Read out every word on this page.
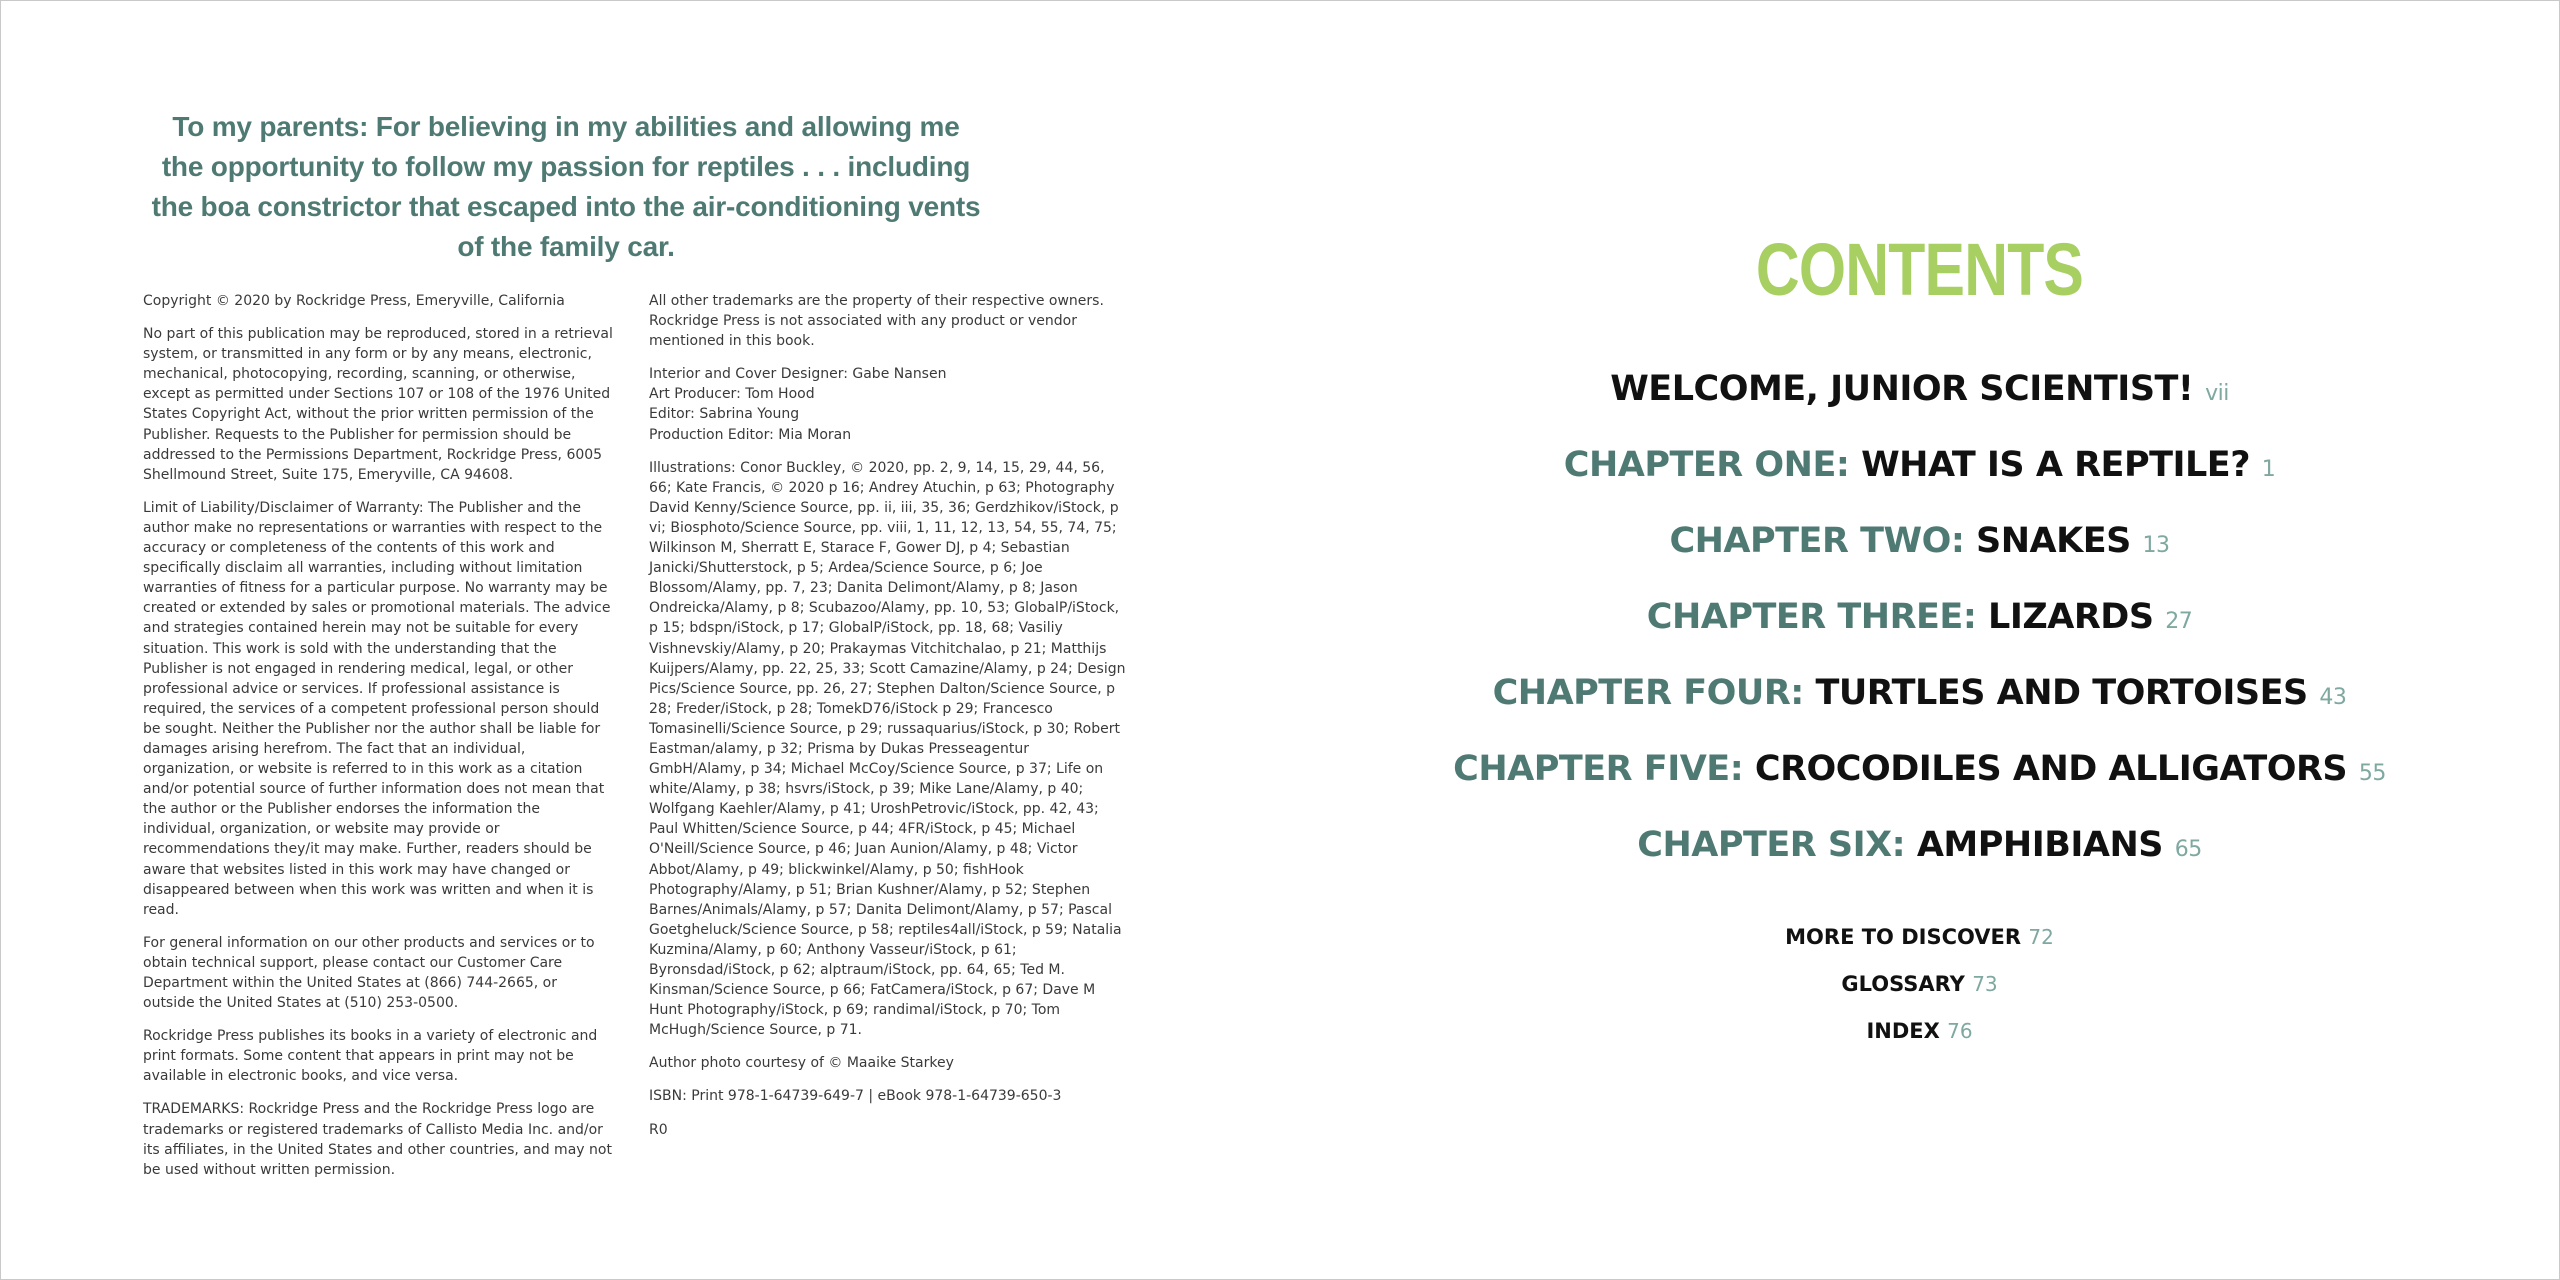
To my parents: For believing in my abilities and allowing me the opportunity to follow my passion for reptiles . . . including the boa constrictor that escaped into the air-conditioning vents of the family car.

Copyright © 2020 by Rockridge Press, Emeryville, California

No part of this publication may be reproduced, stored in a retrieval system, or transmitted in any form or by any means, electronic, mechanical, photocopying, recording, scanning, or otherwise, except as permitted under Sections 107 or 108 of the 1976 United States Copyright Act, without the prior written permission of the Publisher. Requests to the Publisher for permission should be addressed to the Permissions Department, Rockridge Press, 6005 Shellmound Street, Suite 175, Emeryville, CA 94608.

Limit of Liability/Disclaimer of Warranty: The Publisher and the author make no representations or warranties with respect to the accuracy or completeness of the contents of this work and specifically disclaim all warranties, including without limitation warranties of fitness for a particular purpose. No warranty may be created or extended by sales or promotional materials. The advice and strategies contained herein may not be suitable for every situation. This work is sold with the understanding that the Publisher is not engaged in rendering medical, legal, or other professional advice or services. If professional assistance is required, the services of a competent professional person should be sought. Neither the Publisher nor the author shall be liable for damages arising herefrom. The fact that an individual, organization, or website is referred to in this work as a citation and/or potential source of further information does not mean that the author or the Publisher endorses the information the individual, organization, or website may provide or recommendations they/it may make. Further, readers should be aware that websites listed in this work may have changed or disappeared between when this work was written and when it is read.

For general information on our other products and services or to obtain technical support, please contact our Customer Care Department within the United States at (866) 744-2665, or outside the United States at (510) 253-0500.

Rockridge Press publishes its books in a variety of electronic and print formats. Some content that appears in print may not be available in electronic books, and vice versa.

TRADEMARKS: Rockridge Press and the Rockridge Press logo are trademarks or registered trademarks of Callisto Media Inc. and/or its affiliates, in the United States and other countries, and may not be used without written permission.

All other trademarks are the property of their respective owners. Rockridge Press is not associated with any product or vendor mentioned in this book.

Interior and Cover Designer: Gabe Nansen
Art Producer: Tom Hood
Editor: Sabrina Young
Production Editor: Mia Moran

Illustrations: Conor Buckley, © 2020, pp. 2, 9, 14, 15, 29, 44, 56, 66; Kate Francis, © 2020 p 16; Andrey Atuchin, p 63; Photography David Kenny/Science Source, pp. ii, iii, 35, 36; Gerdzhikov/iStock, p vi; Biosphoto/Science Source, pp. viii, 1, 11, 12, 13, 54, 55, 74, 75; Wilkinson M, Sherratt E, Starace F, Gower DJ, p 4; Sebastian Janicki/Shutterstock, p 5; Ardea/Science Source, p 6; Joe Blossom/Alamy, pp. 7, 23; Danita Delimont/Alamy, p 8; Jason Ondreicka/Alamy, p 8; Scubazoo/Alamy, pp. 10, 53; GlobalP/iStock, p 15; bdspn/iStock, p 17; GlobalP/iStock, pp. 18, 68; Vasiliy Vishnevskiy/Alamy, p 20; Prakaymas Vitchitchalao, p 21; Matthijs Kuijpers/Alamy, pp. 22, 25, 33; Scott Camazine/Alamy, p 24; Design Pics/Science Source, pp. 26, 27; Stephen Dalton/Science Source, p 28; Freder/iStock, p 28; TomekD76/iStock p 29; Francesco Tomasinelli/Science Source, p 29; russaquarius/iStock, p 30; Robert Eastman/alamy, p 32; Prisma by Dukas Presseagentur GmbH/Alamy, p 34; Michael McCoy/Science Source, p 37; Life on white/Alamy, p 38; hsvrs/iStock, p 39; Mike Lane/Alamy, p 40; Wolfgang Kaehler/Alamy, p 41; UroshPetrovic/iStock, pp. 42, 43; Paul Whitten/Science Source, p 44; 4FR/iStock, p 45; Michael O'Neill/Science Source, p 46; Juan Aunion/Alamy, p 48; Victor Abbot/Alamy, p 49; blickwinkel/Alamy, p 50; fishHook Photography/Alamy, p 51; Brian Kushner/Alamy, p 52; Stephen Barnes/Animals/Alamy, p 57; Danita Delimont/Alamy, p 57; Pascal Goetgheluck/Science Source, p 58; reptiles4all/iStock, p 59; Natalia Kuzmina/Alamy, p 60; Anthony Vasseur/iStock, p 61; Byronsdad/iStock, p 62; alptraum/iStock, pp. 64, 65; Ted M. Kinsman/Science Source, p 66; FatCamera/iStock, p 67; Dave M Hunt Photography/iStock, p 69; randimal/iStock, p 70; Tom McHugh/Science Source, p 71.

Author photo courtesy of © Maaike Starkey

ISBN: Print 978-1-64739-649-7 | eBook 978-1-64739-650-3

R0

CONTENTS
WELCOME, JUNIOR SCIENTIST! vii
CHAPTER ONE: WHAT IS A REPTILE? 1
CHAPTER TWO: SNAKES 13
CHAPTER THREE: LIZARDS 27
CHAPTER FOUR: TURTLES AND TORTOISES 43
CHAPTER FIVE: CROCODILES AND ALLIGATORS 55
CHAPTER SIX: AMPHIBIANS 65
MORE TO DISCOVER 72
GLOSSARY 73
INDEX 76
